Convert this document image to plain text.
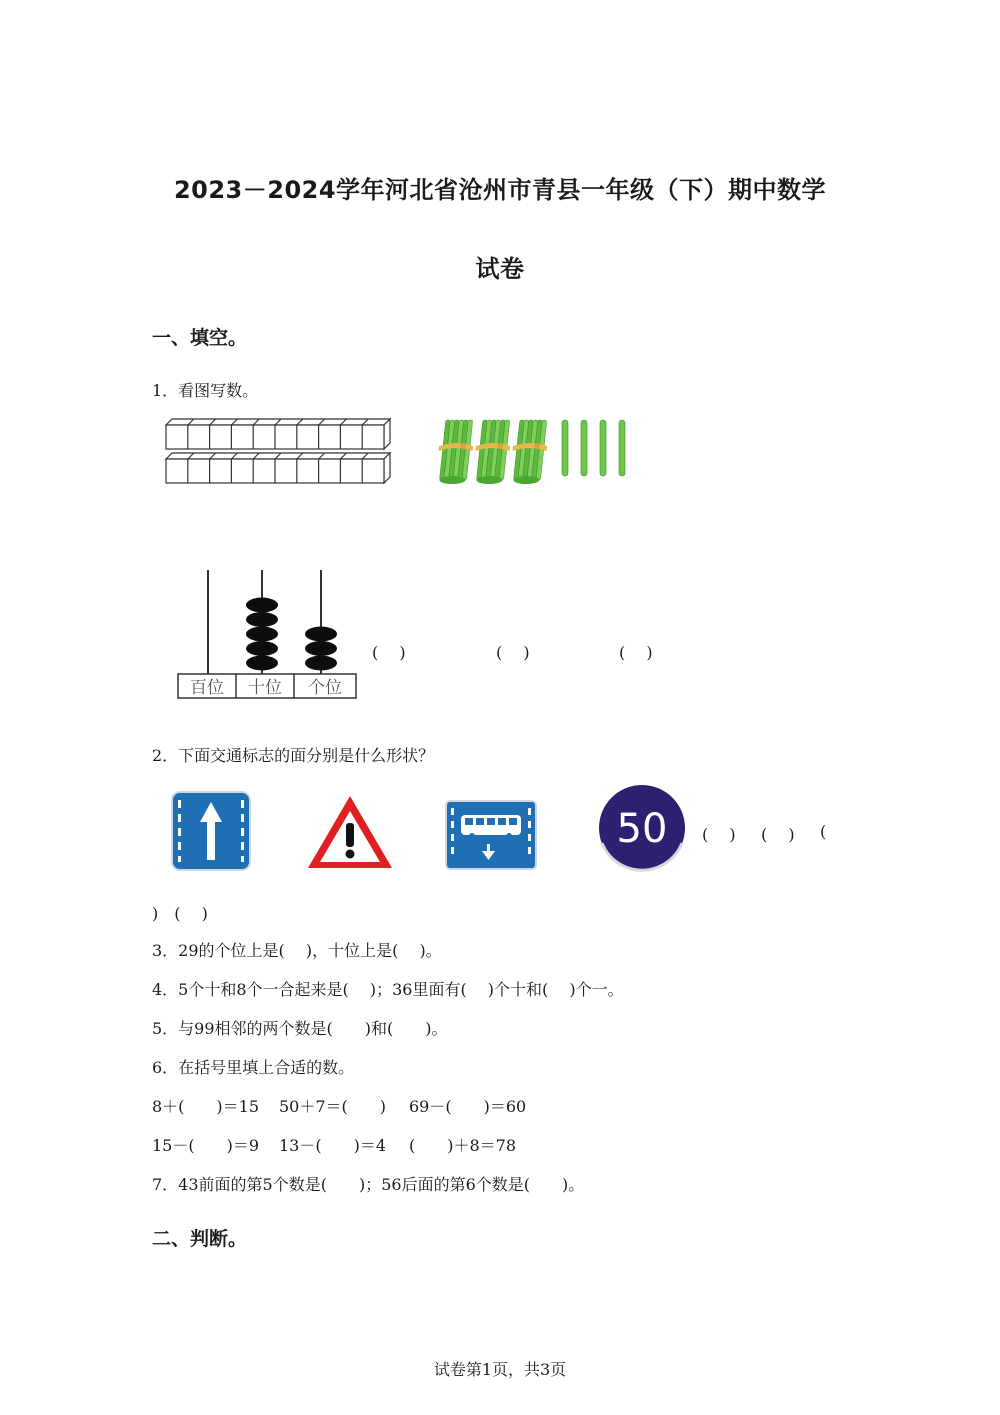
2023－2024学年河北省沧州市青县一年级（下）期中数学
试卷
一、填空。
1．看图写数。
百位 十位 个位
(　 )	(　 )	(　 )
2．下面交通标志的面分别是什么形状？
50 (　 ) (　 ) (
)　(　 )
3．29的个位上是(　 )，十位上是(　 )。
4．5个十和8个一合起来是(　 )；36里面有(　 )个十和(　 )个一。
5．与99相邻的两个数是(　　)和(　　)。
6．在括号里填上合适的数。
8＋(　　)＝15 50＋7＝(　　) 69－(　　)＝60
15－(　　)＝9 13－(　　)＝4 (　　)＋8＝78
7．43前面的第5个数是(　　)；56后面的第6个数是(　　)。
二、判断。
试卷第1页，共3页
